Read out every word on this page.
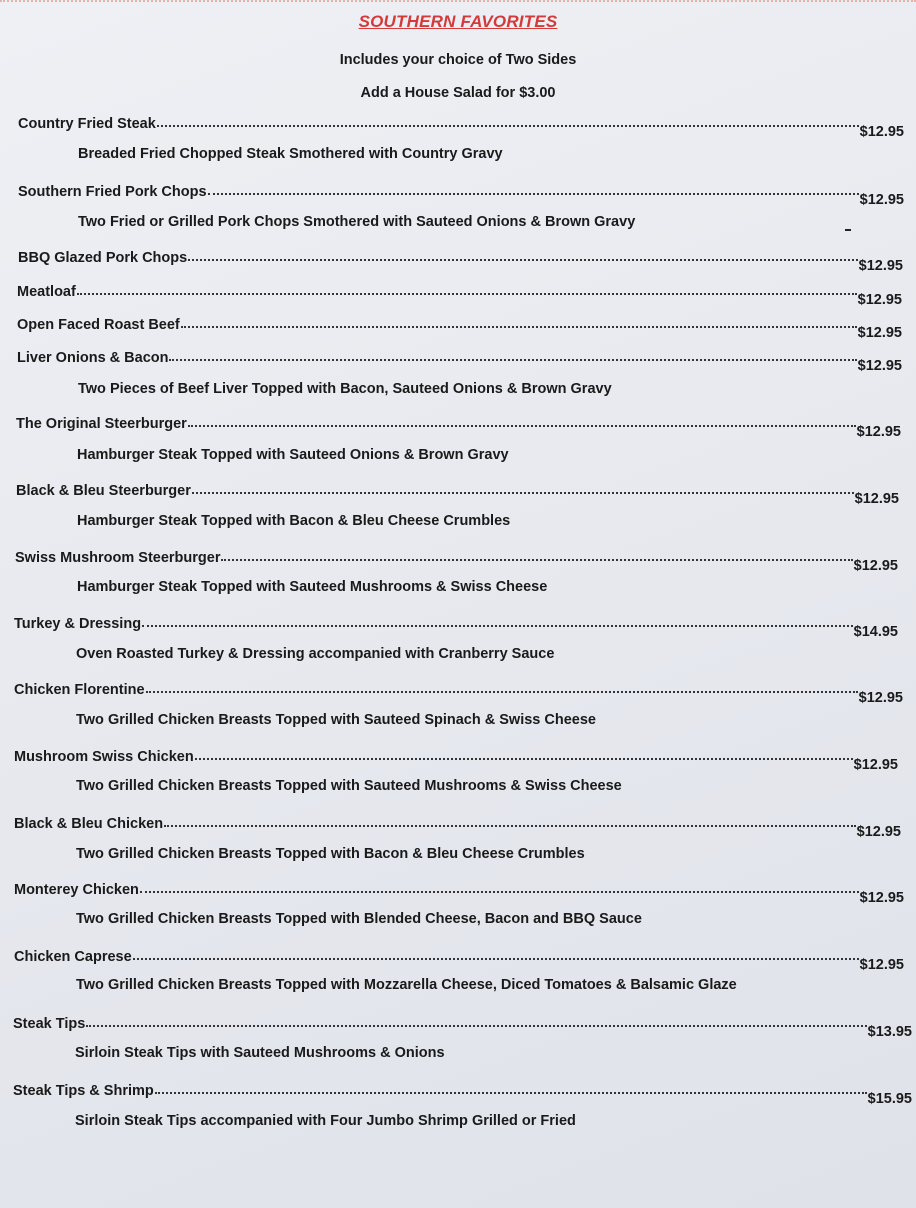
SOUTHERN FAVORITES
Includes your choice of Two Sides
Add a House Salad for $3.00
Country Fried Steak	$12.95
Breaded Fried Chopped Steak Smothered with Country Gravy
Southern Fried Pork Chops	$12.95
Two Fried or Grilled Pork Chops Smothered with Sauteed Onions & Brown Gravy
BBQ Glazed Pork Chops	$12.95
Meatloaf	$12.95
Open Faced Roast Beef	$12.95
Liver Onions & Bacon	$12.95
Two Pieces of Beef Liver Topped with Bacon, Sauteed Onions & Brown Gravy
The Original Steerburger	$12.95
Hamburger Steak Topped with Sauteed Onions & Brown Gravy
Black & Bleu Steerburger	$12.95
Hamburger Steak Topped with Bacon & Bleu Cheese Crumbles
Swiss Mushroom Steerburger	$12.95
Hamburger Steak Topped with Sauteed Mushrooms & Swiss Cheese
Turkey & Dressing	$14.95
Oven Roasted Turkey & Dressing accompanied with Cranberry Sauce
Chicken Florentine	$12.95
Two Grilled Chicken Breasts Topped with Sauteed Spinach & Swiss Cheese
Mushroom Swiss Chicken	$12.95
Two Grilled Chicken Breasts Topped with Sauteed Mushrooms & Swiss Cheese
Black & Bleu Chicken	$12.95
Two Grilled Chicken Breasts Topped with Bacon & Bleu Cheese Crumbles
Monterey Chicken	$12.95
Two Grilled Chicken Breasts Topped with Blended Cheese, Bacon and BBQ Sauce
Chicken Caprese	$12.95
Two Grilled Chicken Breasts Topped with Mozzarella Cheese, Diced Tomatoes & Balsamic Glaze
Steak Tips	$13.95
Sirloin Steak Tips with Sauteed Mushrooms & Onions
Steak Tips & Shrimp	$15.95
Sirloin Steak Tips accompanied with Four Jumbo Shrimp Grilled or Fried
